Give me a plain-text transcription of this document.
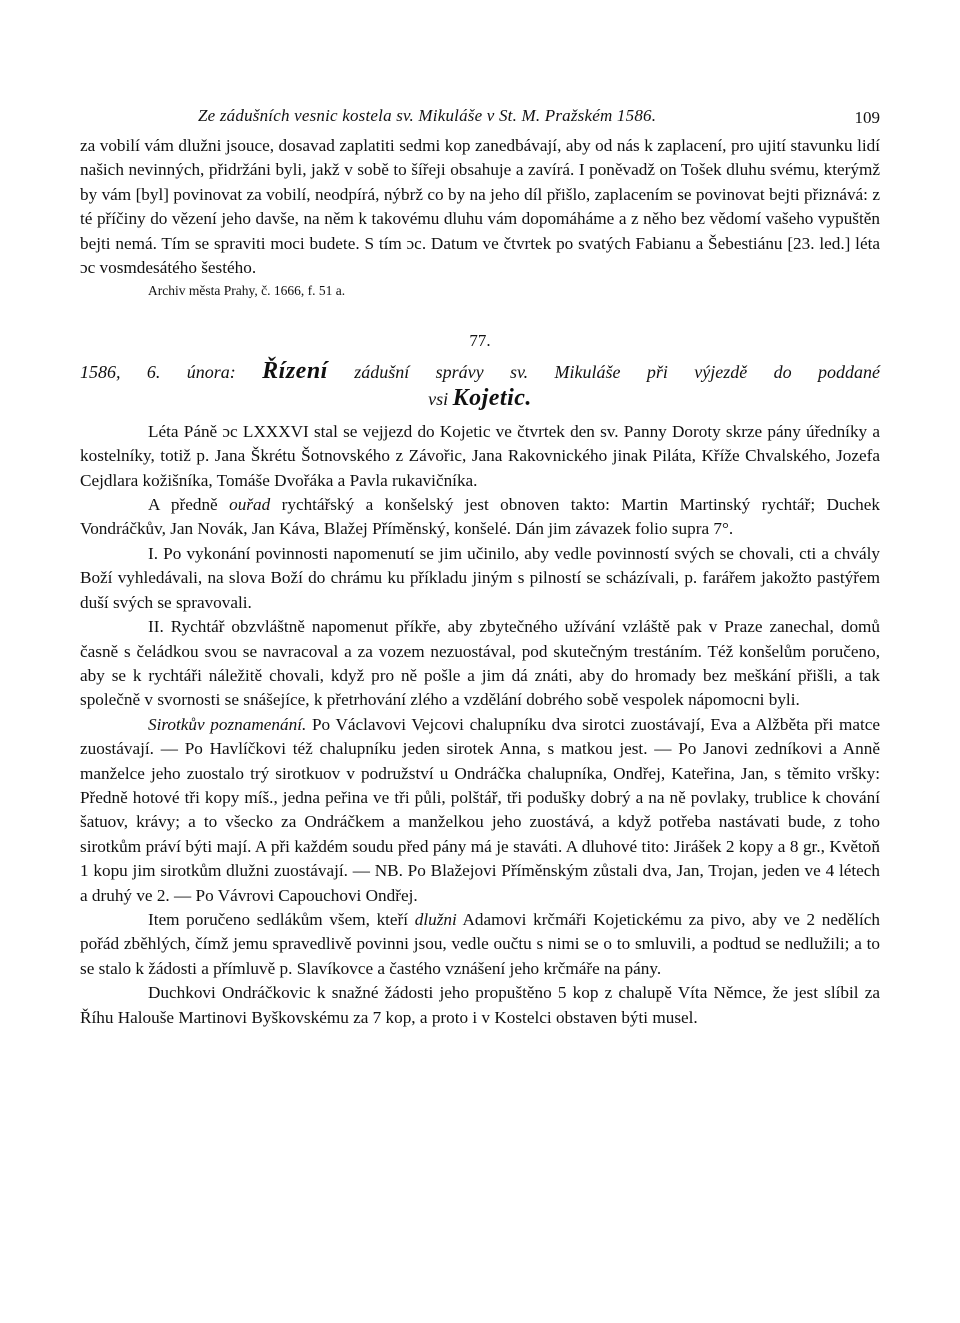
Ze zádušních vesnic kostela sv. Mikuláše v St. M. Pražském 1586.	109

za vobilí vám dlužni jsouce, dosavad zaplatiti sedmi kop zanedbávají, aby od nás k zaplacení, pro ujití stavunku lidí našich nevinných, přidržáni byli, jakž v sobě to šířeji obsahuje a zavírá. I poněvadž on Tošek dluhu svému, kterýmž by vám [byl] povinovat za vobilí, neodpírá, nýbrž co by na jeho díl přišlo, zaplacením se povinovat bejti přiznává: z té příčiny do vězení jeho davše, na něm k takovému dluhu vám dopomáháme a z něho bez vědomí vašeho vypuštěn bejti nemá. Tím se spraviti moci budete. S tím ɔc. Datum ve čtvrtek po svatých Fabianu a Šebestiánu [23. led.] léta ɔc vosmdesátého šestého.

Archiv města Prahy, č. 1666, f. 51 a.
77.
1586, 6. února: Řízení zádušní správy sv. Mikuláše při výjezdě do poddané
vsi Kojetic.

Léta Páně ɔc LXXXVI stal se vejjezd do Kojetic ve čtvrtek den sv. Panny Doroty skrze pány úředníky a kostelníky, totiž p. Jana Škrétu Šotnovského z Závořic, Jana Rakovnického jinak Piláta, Kříže Chvalského, Jozefa Cejdlara kožišníka, Tomáše Dvořáka a Pavla rukavičníka.

A předně ouřad rychtářský a konšelský jest obnoven takto: Martin Martinský rychtář; Duchek Vondráčkův, Jan Novák, Jan Káva, Blažej Příměnský, konšelé. Dán jim závazek folio supra 7°.

I. Po vykonání povinnosti napomenutí se jim učinilo, aby vedle povinností svých se chovali, cti a chvály Boží vyhledávali, na slova Boží do chrámu ku příkladu jiným s pilností se scházívali, p. farářem jakožto pastýřem duší svých se spravovali.

II. Rychtář obzvláštně napomenut příkře, aby zbytečného užívání vzláště pak v Praze zanechal, domů časně s čeládkou svou se navracoval a za vozem nezuostával, pod skutečným trestáním. Též konšelům poručeno, aby se k rychtáři náležitě chovali, když pro ně pošle a jim dá znáti, aby do hromady bez meškání přišli, a tak společně v svornosti se snášejíce, k přetrhování zlého a vzdělání dobrého sobě vespolek nápomocni byli.

Sirotkův poznamenání. Po Václavovi Vejcovi chalupníku dva sirotci zuostávají, Eva a Alžběta při matce zuostávají. — Po Havlíčkovi též chalupníku jeden sirotek Anna, s matkou jest. — Po Janovi zedníkovi a Anně manželce jeho zuostalo trý sirotkuov v podružství u Ondráčka chalupníka, Ondřej, Kateřina, Jan, s těmito vršky: Předně hotové tři kopy míš., jedna peřina ve tři půli, polštář, tři podušky dobrý a na ně povlaky, trublice k chování šatuov, krávy; a to všecko za Ondráčkem a manželkou jeho zuostává, a když potřeba nastávati bude, z toho sirotkům práví býti mají. A při každém soudu před pány má je staváti. A dluhové tito: Jirášek 2 kopy a 8 gr., Květoň 1 kopu jim sirotkům dlužni zuostávají. — NB. Po Blažejovi Příměnským zůstali dva, Jan, Trojan, jeden ve 4 létech a druhý ve 2. — Po Vávrovi Capouchovi Ondřej.

Item poručeno sedlákům všem, kteří dlužni Adamovi krčmáři Kojetickému za pivo, aby ve 2 nedělích pořád zběhlých, čímž jemu spravedlivě povinni jsou, vedle oučtu s nimi se o to smluvili, a podtud se nedlužili; a to se stalo k žádosti a přímluvě p. Slavíkovce a častého vznášení jeho krčmáře na pány.

Duchkovi Ondráčkovic k snažné žádosti jeho propuštěno 5 kop z chalupě Víta Němce, že jest slíbil za Říhu Halouše Martinovi Byškovskému za 7 kop, a proto i v Kostelci obstaven býti musel.
